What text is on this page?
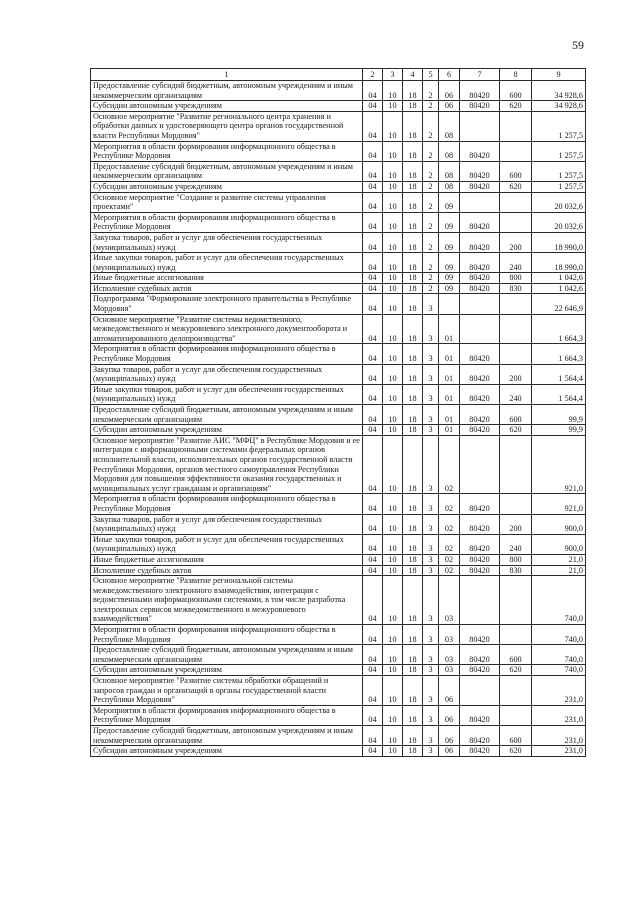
59
1	2	3	4	5	6	7	8	9
Предоставление субсидий бюджетным, автономным учреждениям и иным некоммерческим организациям	04	10	18	2	06	80420	600	34 928,6
Субсидии автономным учреждениям	04	10	18	2	06	80420	620	34 928,6
Основное мероприятие "Развитие регионального центра хранения и обработки данных и удостоверяющего центра органов государственной власти Республики Мордовия"	04	10	18	2	08			1 257,5
Мероприятия в области формирования информационного общества в Республике Мордовия	04	10	18	2	08	80420		1 257,5
Предоставление субсидий бюджетным, автономным учреждениям и иным некоммерческим организациям	04	10	18	2	08	80420	600	1 257,5
Субсидии автономным учреждениям	04	10	18	2	08	80420	620	1 257,5
Основное мероприятие "Создание и развитие системы управления проектами"	04	10	18	2	09			20 032,6
Мероприятия в области формирования информационного общества в Республике Мордовия	04	10	18	2	09	80420		20 032,6
Закупка товаров, работ и услуг для обеспечения государственных (муниципальных) нужд	04	10	18	2	09	80420	200	18 990,0
Иные закупки товаров, работ и услуг для обеспечения государственных (муниципальных) нужд	04	10	18	2	09	80420	240	18 990,0
Иные бюджетные ассигнования	04	10	18	2	09	80420	800	1 042,6
Исполнение судебных актов	04	10	18	2	09	80420	830	1 042,6
Подпрограмма "Формирование электронного правительства в Республике Мордовия"	04	10	18	3				22 646,9
Основное мероприятие "Развитие системы ведомственного, межведомственного и межуровневого электронного документооборота и автоматизированного делопроизводства"	04	10	18	3	01			1 664,3
Мероприятия в области формирования информационного общества в Республике Мордовия	04	10	18	3	01	80420		1 664,3
Закупка товаров, работ и услуг для обеспечения государственных (муниципальных) нужд	04	10	18	3	01	80420	200	1 564,4
Иные закупки товаров, работ и услуг для обеспечения государственных (муниципальных) нужд	04	10	18	3	01	80420	240	1 564,4
Предоставление субсидий бюджетным, автономным учреждениям и иным некоммерческим организациям	04	10	18	3	01	80420	600	99,9
Субсидии автономным учреждениям	04	10	18	3	01	80420	620	99,9
Основное мероприятие "Развитие АИС "МФЦ" в Республике Мордовия и ее интеграция с информационными системами федеральных органов исполнительной власти, исполнительных органов государственной власти Республики Мордовия, органов местного самоуправления Республики Мордовия для повышения эффективности оказания государственных и муниципальных услуг гражданам и организациям"	04	10	18	3	02			921,0
Мероприятия в области формирования информационного общества в Республике Мордовия	04	10	18	3	02	80420		921,0
Закупка товаров, работ и услуг для обеспечения государственных (муниципальных) нужд	04	10	18	3	02	80420	200	900,0
Иные закупки товаров, работ и услуг для обеспечения государственных (муниципальных) нужд	04	10	18	3	02	80420	240	900,0
Иные бюджетные ассигнования	04	10	18	3	02	80420	800	21,0
Исполнение судебных актов	04	10	18	3	02	80420	830	21,0
Основное мероприятие "Развитие региональной системы межведомственного электронного взаимодействия, интеграция с ведомственными информационными системами, в том числе разработка электронных сервисов межведомственного и межуровневого взаимодействия"	04	10	18	3	03			740,0
Мероприятия в области формирования информационного общества в Республике Мордовия	04	10	18	3	03	80420		740,0
Предоставление субсидий бюджетным, автономным учреждениям и иным некоммерческим организациям	04	10	18	3	03	80420	600	740,0
Субсидии автономным учреждениям	04	10	18	3	03	80420	620	740,0
Основное мероприятие "Развитие системы обработки обращений и запросов граждан и организаций в органы государственной власти Республики Мордовия"	04	10	18	3	06			231,0
Мероприятия в области формирования информационного общества в Республике Мордовия	04	10	18	3	06	80420		231,0
Предоставление субсидий бюджетным, автономным учреждениям и иным некоммерческим организациям	04	10	18	3	06	80420	600	231,0
Субсидии автономным учреждениям	04	10	18	3	06	80420	620	231,0
